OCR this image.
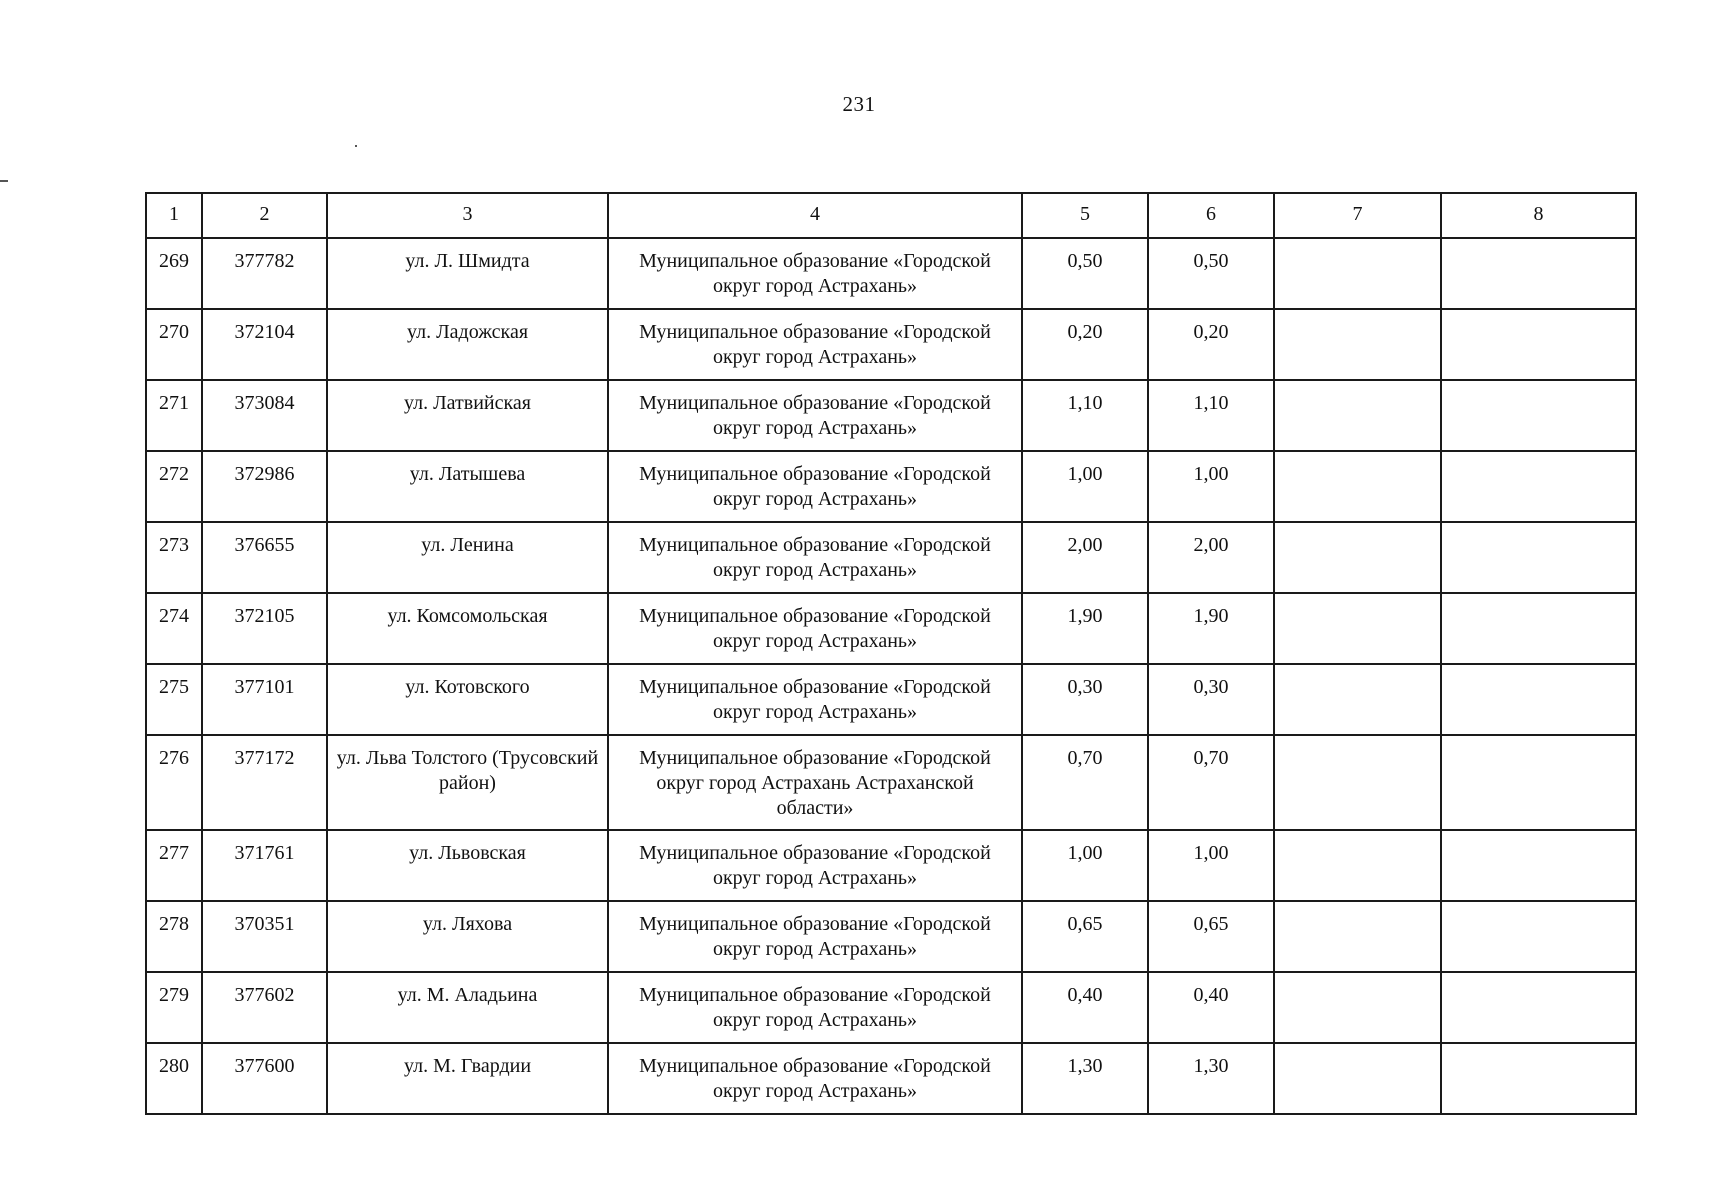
231
1	2	3	4	5	6	7	8
269	377782	ул. Л. Шмидта	Муниципальное образование «Городской округ город Астрахань»	0,50	0,50		
270	372104	ул. Ладожская	Муниципальное образование «Городской округ город Астрахань»	0,20	0,20		
271	373084	ул. Латвийская	Муниципальное образование «Городской округ город Астрахань»	1,10	1,10		
272	372986	ул. Латышева	Муниципальное образование «Городской округ город Астрахань»	1,00	1,00		
273	376655	ул. Ленина	Муниципальное образование «Городской округ город Астрахань»	2,00	2,00		
274	372105	ул. Комсомольская	Муниципальное образование «Городской округ город Астрахань»	1,90	1,90		
275	377101	ул. Котовского	Муниципальное образование «Городской округ город Астрахань»	0,30	0,30		
276	377172	ул. Льва Толстого (Трусовский район)	Муниципальное образование «Городской округ город Астрахань Астраханской области»	0,70	0,70		
277	371761	ул. Львовская	Муниципальное образование «Городской округ город Астрахань»	1,00	1,00		
278	370351	ул. Ляхова	Муниципальное образование «Городской округ город Астрахань»	0,65	0,65		
279	377602	ул. М. Аладьина	Муниципальное образование «Городской округ город Астрахань»	0,40	0,40		
280	377600	ул. М. Гвардии	Муниципальное образование «Городской округ город Астрахань»	1,30	1,30		
